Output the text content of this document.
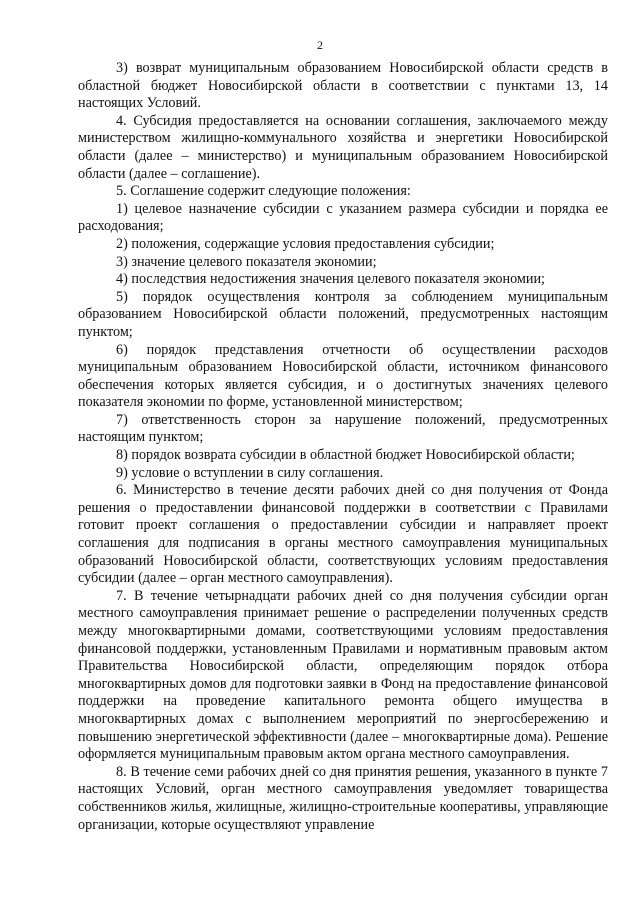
2

3) возврат муниципальным образованием Новосибирской области средств в областной бюджет Новосибирской области в соответствии с пунктами 13, 14 настоящих Условий.

4. Субсидия предоставляется на основании соглашения, заключаемого между министерством жилищно-коммунального хозяйства и энергетики Новосибирской области (далее – министерство) и муниципальным образованием Новосибирской области (далее – соглашение).

5. Соглашение содержит следующие положения:

1) целевое назначение субсидии с указанием размера субсидии и порядка ее расходования;

2) положения, содержащие условия предоставления субсидии;

3) значение целевого показателя экономии;

4) последствия недостижения значения целевого показателя экономии;

5) порядок осуществления контроля за соблюдением муниципальным образованием Новосибирской области положений, предусмотренных настоящим пунктом;

6) порядок представления отчетности об осуществлении расходов муниципальным образованием Новосибирской области, источником финансового обеспечения которых является субсидия, и о достигнутых значениях целевого показателя экономии по форме, установленной министерством;

7) ответственность сторон за нарушение положений, предусмотренных настоящим пунктом;

8) порядок возврата субсидии в областной бюджет Новосибирской области;

9) условие о вступлении в силу соглашения.

6. Министерство в течение десяти рабочих дней со дня получения от Фонда решения о предоставлении финансовой поддержки в соответствии с Правилами готовит проект соглашения о предоставлении субсидии и направляет проект соглашения для подписания в органы местного самоуправления муниципальных образований Новосибирской области, соответствующих условиям предоставления субсидии (далее – орган местного самоуправления).

7. В течение четырнадцати рабочих дней со дня получения субсидии орган местного самоуправления принимает решение о распределении полученных средств между многоквартирными домами, соответствующими условиям предоставления финансовой поддержки, установленным Правилами и нормативным правовым актом Правительства Новосибирской области, определяющим порядок отбора многоквартирных домов для подготовки заявки в Фонд на предоставление финансовой поддержки на проведение капитального ремонта общего имущества в многоквартирных домах с выполнением мероприятий по энергосбережению и повышению энергетической эффективности (далее – многоквартирные дома). Решение оформляется муниципальным правовым актом органа местного самоуправления.

8. В течение семи рабочих дней со дня принятия решения, указанного в пункте 7 настоящих Условий, орган местного самоуправления уведомляет товарищества собственников жилья, жилищные, жилищно-строительные кооперативы, управляющие организации, которые осуществляют управление
